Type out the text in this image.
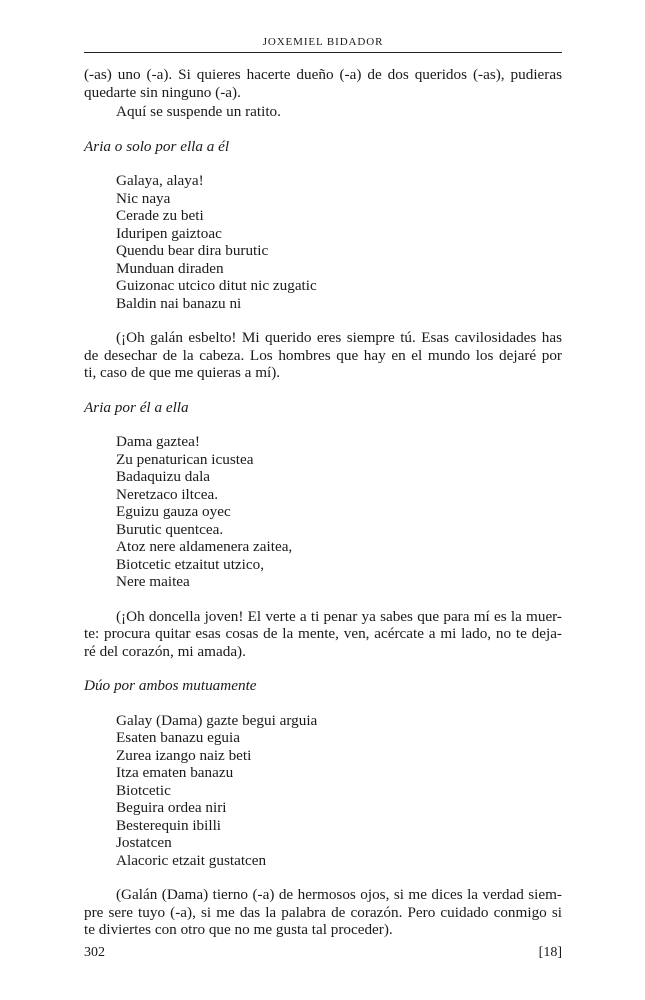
JOXEMIEL BIDADOR

(-as) uno (-a). Si quieres hacerte dueño (-a) de dos queridos (-as), pudieras
quedarte sin ninguno (-a).

Aquí se suspende un ratito.

Aria o solo por ella a él

Galaya, alaya!
Nic naya
Cerade zu beti
Iduripen gaiztoac
Quendu bear dira burutic
Munduan diraden
Guizonac utcico ditut nic zugatic
Baldin nai banazu ni

(¡Oh galán esbelto! Mi querido eres siempre tú. Esas cavilosidades has
de desechar de la cabeza. Los hombres que hay en el mundo los dejaré por
ti, caso de que me quieras a mí).

Aria por él a ella

Dama gaztea!
Zu penaturican icustea
Badaquizu dala
Neretzaco iltcea.
Eguizu gauza oyec
Burutic quentcea.
Atoz nere aldamenera zaitea,
Biotcetic etzaitut utzico,
Nere maitea

(¡Oh doncella joven! El verte a ti penar ya sabes que para mí es la muer-
te: procura quitar esas cosas de la mente, ven, acércate a mi lado, no te deja-
ré del corazón, mi amada).

Dúo por ambos mutuamente

Galay (Dama) gazte begui arguia
Esaten banazu eguia
Zurea izango naiz beti
Itza ematen banazu
Biotcetic
Beguira ordea niri
Besterequin ibilli
Jostatcen
Alacoric etzait gustatcen

(Galán (Dama) tierno (-a) de hermosos ojos, si me dices la verdad siem-
pre sere tuyo (-a), si me das la palabra de corazón. Pero cuidado conmigo si
te diviertes con otro que no me gusta tal proceder).

302	[18]
